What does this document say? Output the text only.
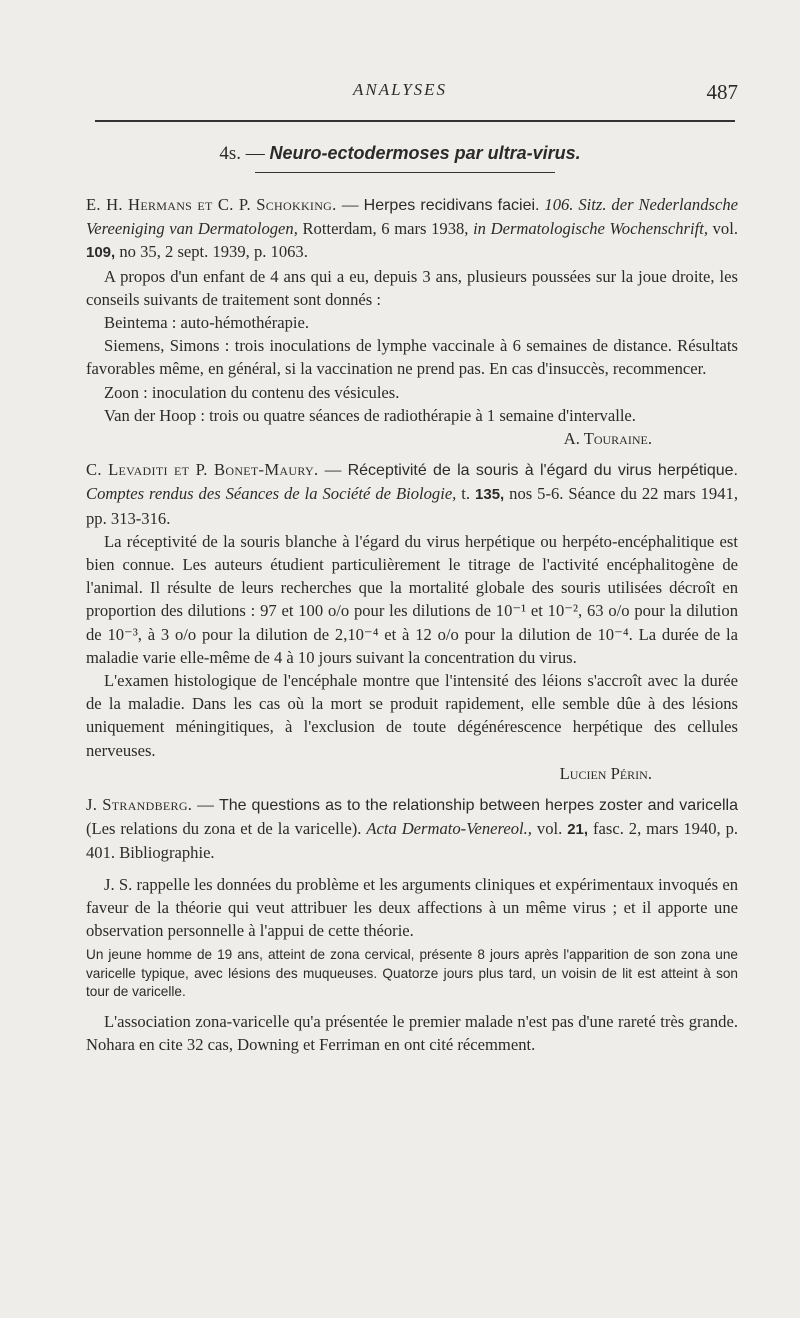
ANALYSES	487
4s. — Neuro-ectodermoses par ultra-virus.

E. H. Hermans et C. P. Schokking. — Herpes recidivans faciei. 106. Sitz. der Nederlandsche Vereeniging van Dermatologen, Rotterdam, 6 mars 1938, in Dermatologische Wochenschrift, vol. 109, no 35, 2 sept. 1939, p. 1063.

A propos d'un enfant de 4 ans qui a eu, depuis 3 ans, plusieurs poussées sur la joue droite, les conseils suivants de traitement sont donnés :

Beintema : auto-hémothérapie.

Siemens, Simons : trois inoculations de lymphe vaccinale à 6 semaines de distance. Résultats favorables même, en général, si la vaccination ne prend pas. En cas d'insuccès, recommencer.

Zoon : inoculation du contenu des vésicules.

Van der Hoop : trois ou quatre séances de radiothérapie à 1 semaine d'intervalle.

A. Touraine.

C. Levaditi et P. Bonet-Maury. — Réceptivité de la souris à l'égard du virus herpétique. Comptes rendus des Séances de la Société de Biologie, t. 135, nos 5-6. Séance du 22 mars 1941, pp. 313-316.

La réceptivité de la souris blanche à l'égard du virus herpétique ou herpéto-encéphalitique est bien connue. Les auteurs étudient particulièrement le titrage de l'activité encéphalitogène de l'animal. Il résulte de leurs recherches que la mortalité globale des souris utilisées décroît en proportion des dilutions : 97 et 100 o/o pour les dilutions de 10⁻¹ et 10⁻², 63 o/o pour la dilution de 10⁻³, à 3 o/o pour la dilution de 2,10⁻⁴ et à 12 o/o pour la dilution de 10⁻⁴. La durée de la maladie varie elle-même de 4 à 10 jours suivant la concentration du virus.

L'examen histologique de l'encéphale montre que l'intensité des léions s'accroît avec la durée de la maladie. Dans les cas où la mort se produit rapidement, elle semble dûe à des lésions uniquement méningitiques, à l'exclusion de toute dégénérescence herpétique des cellules nerveuses.

Lucien Périn.

J. Strandberg. — The questions as to the relationship between herpes zoster and varicella (Les relations du zona et de la varicelle). Acta Dermato-Venereol., vol. 21, fasc. 2, mars 1940, p. 401. Bibliographie.

J. S. rappelle les données du problème et les arguments cliniques et expérimentaux invoqués en faveur de la théorie qui veut attribuer les deux affections à un même virus ; et il apporte une observation personnelle à l'appui de cette théorie.

Un jeune homme de 19 ans, atteint de zona cervical, présente 8 jours après l'apparition de son zona une varicelle typique, avec lésions des muqueuses. Quatorze jours plus tard, un voisin de lit est atteint à son tour de varicelle.

L'association zona-varicelle qu'a présentée le premier malade n'est pas d'une rareté très grande. Nohara en cite 32 cas, Downing et Ferriman en ont cité récemment.
